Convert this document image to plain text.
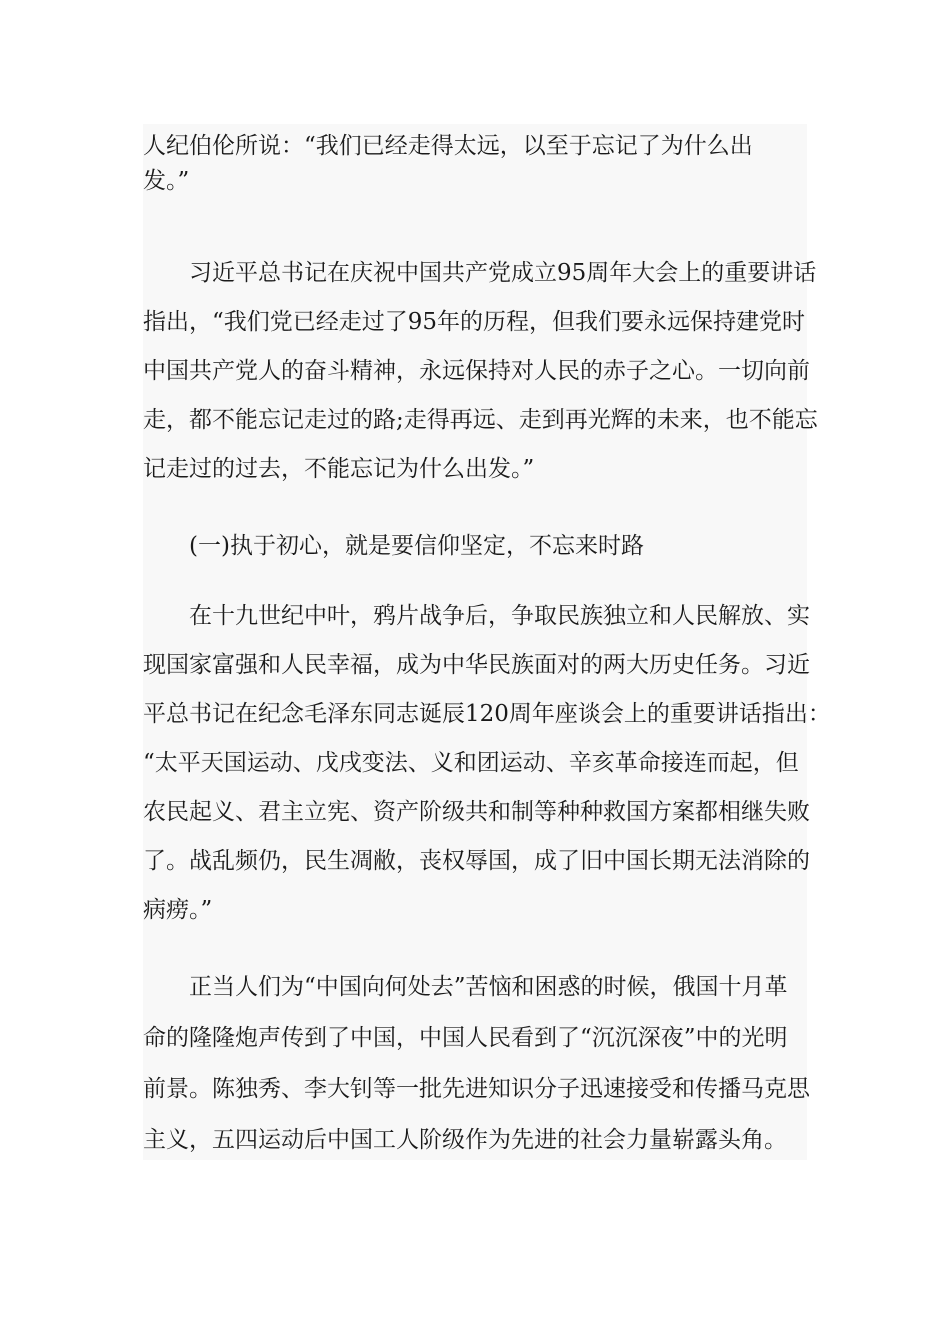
人纪伯伦所说：“我们已经走得太远，以至于忘记了为什么出
发。”

习近平总书记在庆祝中国共产党成立95周年大会上的重要讲话
指出，“我们党已经走过了95年的历程，但我们要永远保持建党时
中国共产党人的奋斗精神，永远保持对人民的赤子之心。一切向前
走，都不能忘记走过的路;走得再远、走到再光辉的未来，也不能忘
记走过的过去，不能忘记为什么出发。”

(一)执于初心，就是要信仰坚定，不忘来时路

在十九世纪中叶，鸦片战争后，争取民族独立和人民解放、实
现国家富强和人民幸福，成为中华民族面对的两大历史任务。习近
平总书记在纪念毛泽东同志诞辰120周年座谈会上的重要讲话指出：
“太平天国运动、戊戌变法、义和团运动、辛亥革命接连而起，但
农民起义、君主立宪、资产阶级共和制等种种救国方案都相继失败
了。战乱频仍，民生凋敝，丧权辱国，成了旧中国长期无法消除的
病痨。”

正当人们为“中国向何处去”苦恼和困惑的时候，俄国十月革
命的隆隆炮声传到了中国，中国人民看到了“沉沉深夜”中的光明
前景。陈独秀、李大钊等一批先进知识分子迅速接受和传播马克思
主义，五四运动后中国工人阶级作为先进的社会力量崭露头角。
